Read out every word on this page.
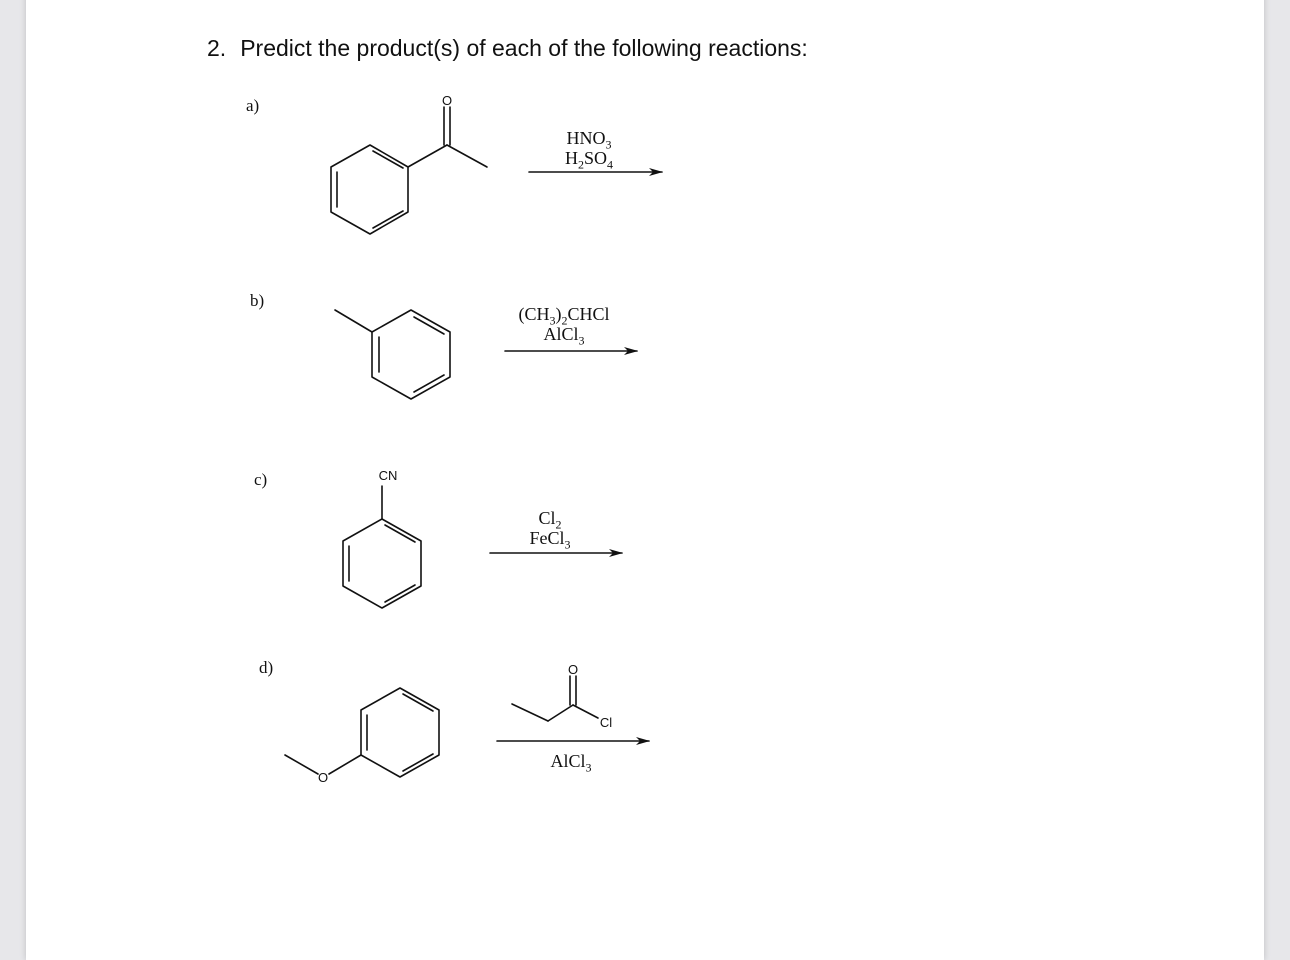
2. Predict the product(s) of each of the following reactions:
a)
b)
c)
d)
$HNO_3$
$H_2SO_4$
$(CH_3)_2CHCl$
AlCl$_3$
$Cl_2$
FeCl$_3$
AlCl$_3$
O
CN
O
O
Cl
